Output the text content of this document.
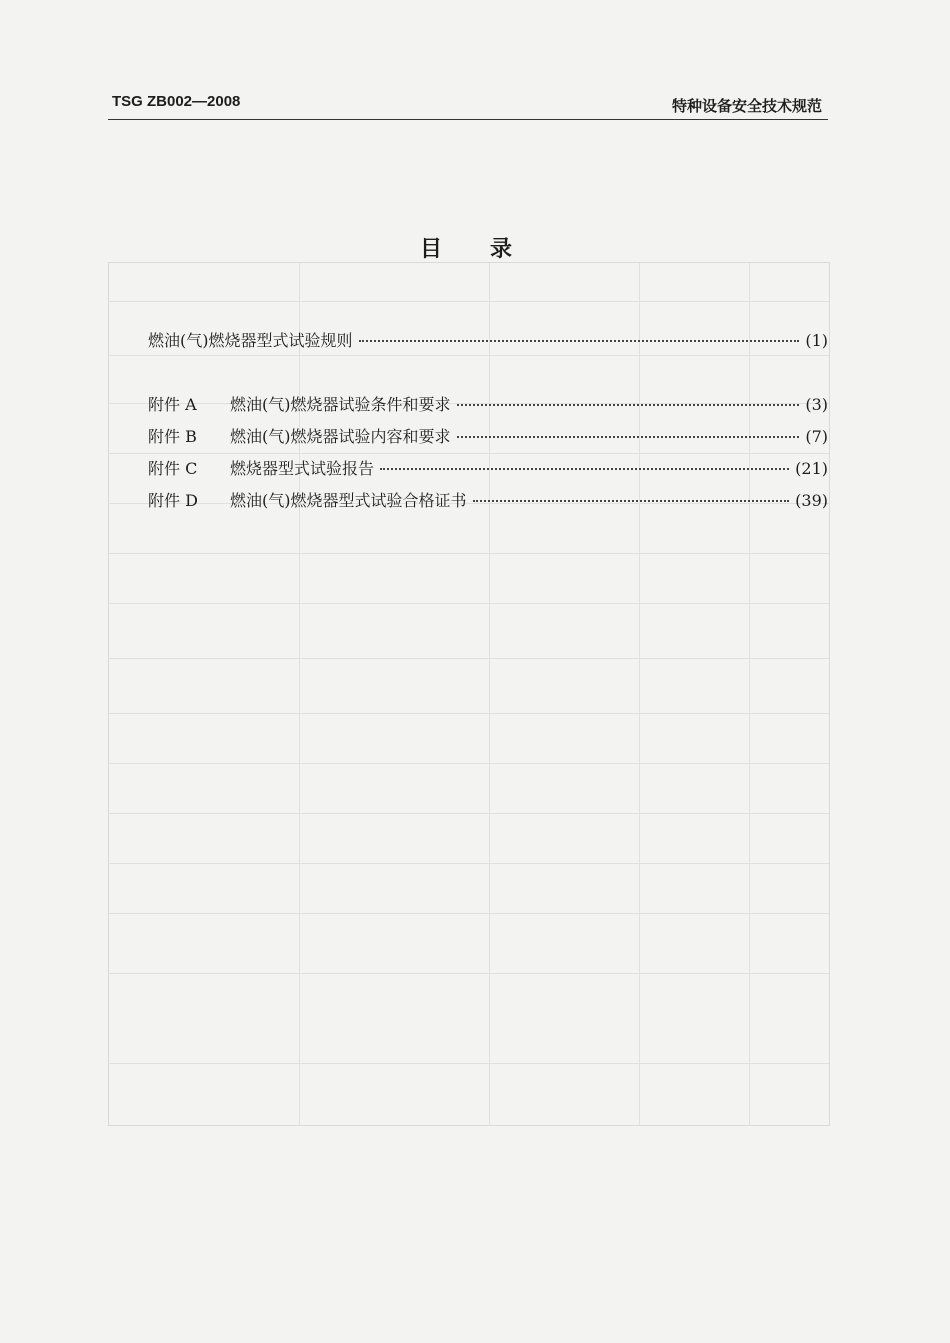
TSG ZB002—2008	特种设备安全技术规范
目录
燃油(气)燃烧器型式试验规则	(1)
附件 A	燃油(气)燃烧器试验条件和要求	(3)
附件 B	燃油(气)燃烧器试验内容和要求	(7)
附件 C	燃烧器型式试验报告	(21)
附件 D	燃油(气)燃烧器型式试验合格证书	(39)
